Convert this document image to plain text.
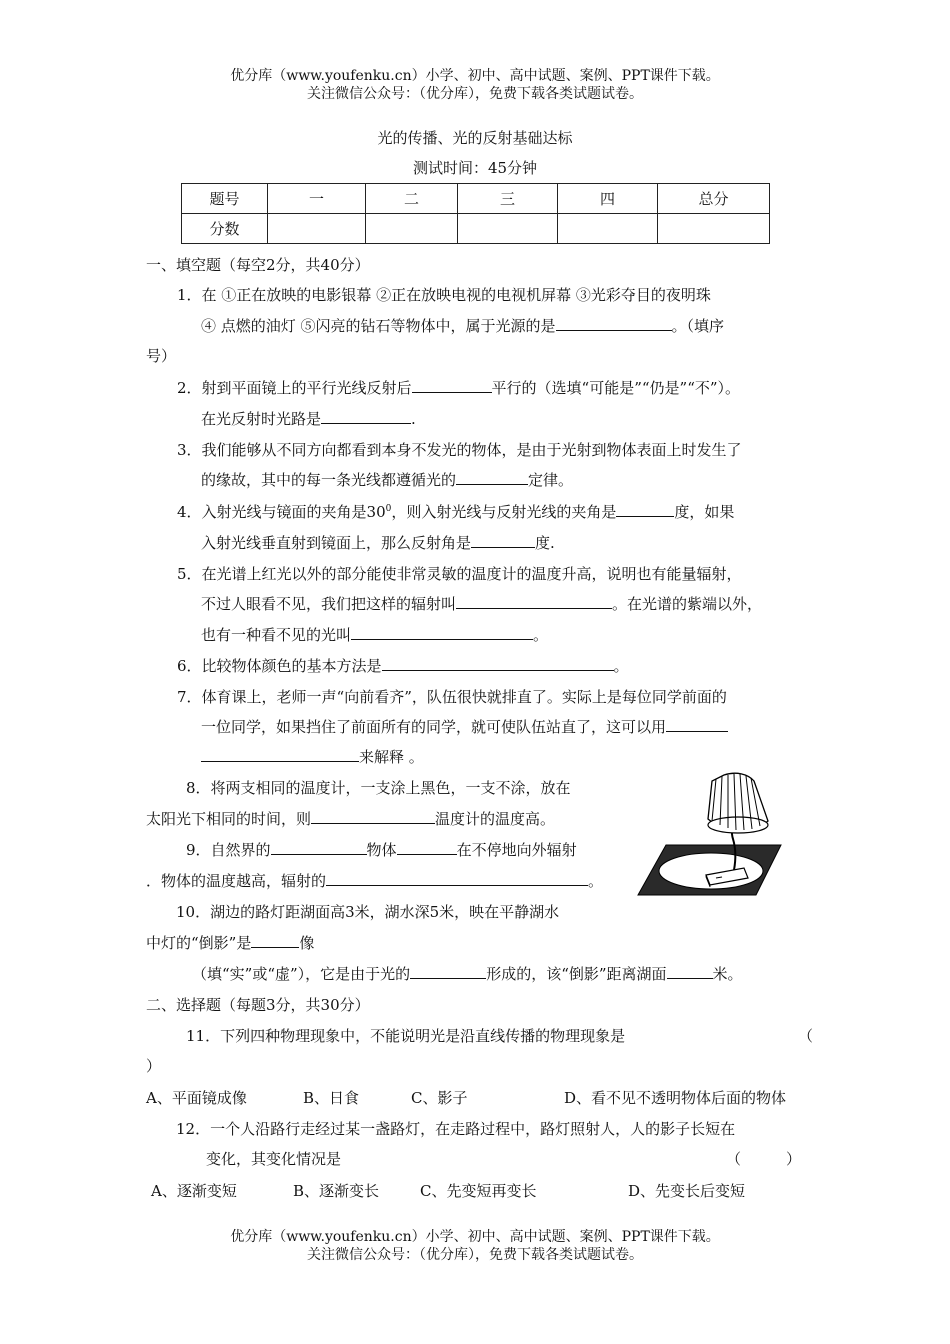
优分库（www.youfenku.cn）小学、初中、高中试题、案例、PPT课件下载。
关注微信公众号：（优分库），免费下载各类试题试卷。
光的传播、光的反射基础达标
测试时间：45分钟
题号	一	二	三	四	总分
分数					
一、填空题（每空2分，共40分）
1．在 ①正在放映的电影银幕 ②正在放映电视的电视机屏幕 ③光彩夺目的夜明珠
④ 点燃的油灯 ⑤闪亮的钻石等物体中，属于光源的是	。（填序
号）
2．射到平面镜上的平行光线反射后	平行的（选填“可能是”“仍是”“不”）。
在光反射时光路是	.
3．我们能够从不同方向都看到本身不发光的物体，是由于光射到物体表面上时发生了
的缘故，其中的每一条光线都遵循光的	定律。
4．入射光线与镜面的夹角是$30^0$，则入射光线与反射光线的夹角是	度，如果
入射光线垂直射到镜面上，那么反射角是	度.
5．在光谱上红光以外的部分能使非常灵敏的温度计的温度升高，说明也有能量辐射，
不过人眼看不见，我们把这样的辐射叫	。在光谱的紫端以外，
也有一种看不见的光叫	。
6．比较物体颜色的基本方法是	。
7．体育课上，老师一声“向前看齐”，队伍很快就排直了。实际上是每位同学前面的
一位同学，如果挡住了前面所有的同学，就可使队伍站直了，这可以用
来解释 。
8．将两支相同的温度计，一支涂上黑色，一支不涂，放在
太阳光下相同的时间，则	温度计的温度高。
9．自然界的	物体	在不停地向外辐射
．物体的温度越高，辐射的	。
10．湖边的路灯距湖面高3米，湖水深5米，映在平静湖水
中灯的“倒影”是	像
（填“实”或“虚”），它是由于光的	形成的，该“倒影”距离湖面	米。
二、选择题（每题3分，共30分）
11．下列四种物理现象中，不能说明光是沿直线传播的物理现象是	（
）
A、平面镜成像	B、日食	C、影子	D、看不见不透明物体后面的物体
12．一个人沿路行走经过某一盏路灯，在走路过程中，路灯照射人，人的影子长短在
变化，其变化情况是	（　　　）
A、逐渐变短	B、逐渐变长	C、先变短再变长	D、先变长后变短
优分库（www.youfenku.cn）小学、初中、高中试题、案例、PPT课件下载。
关注微信公众号：（优分库），免费下载各类试题试卷。
